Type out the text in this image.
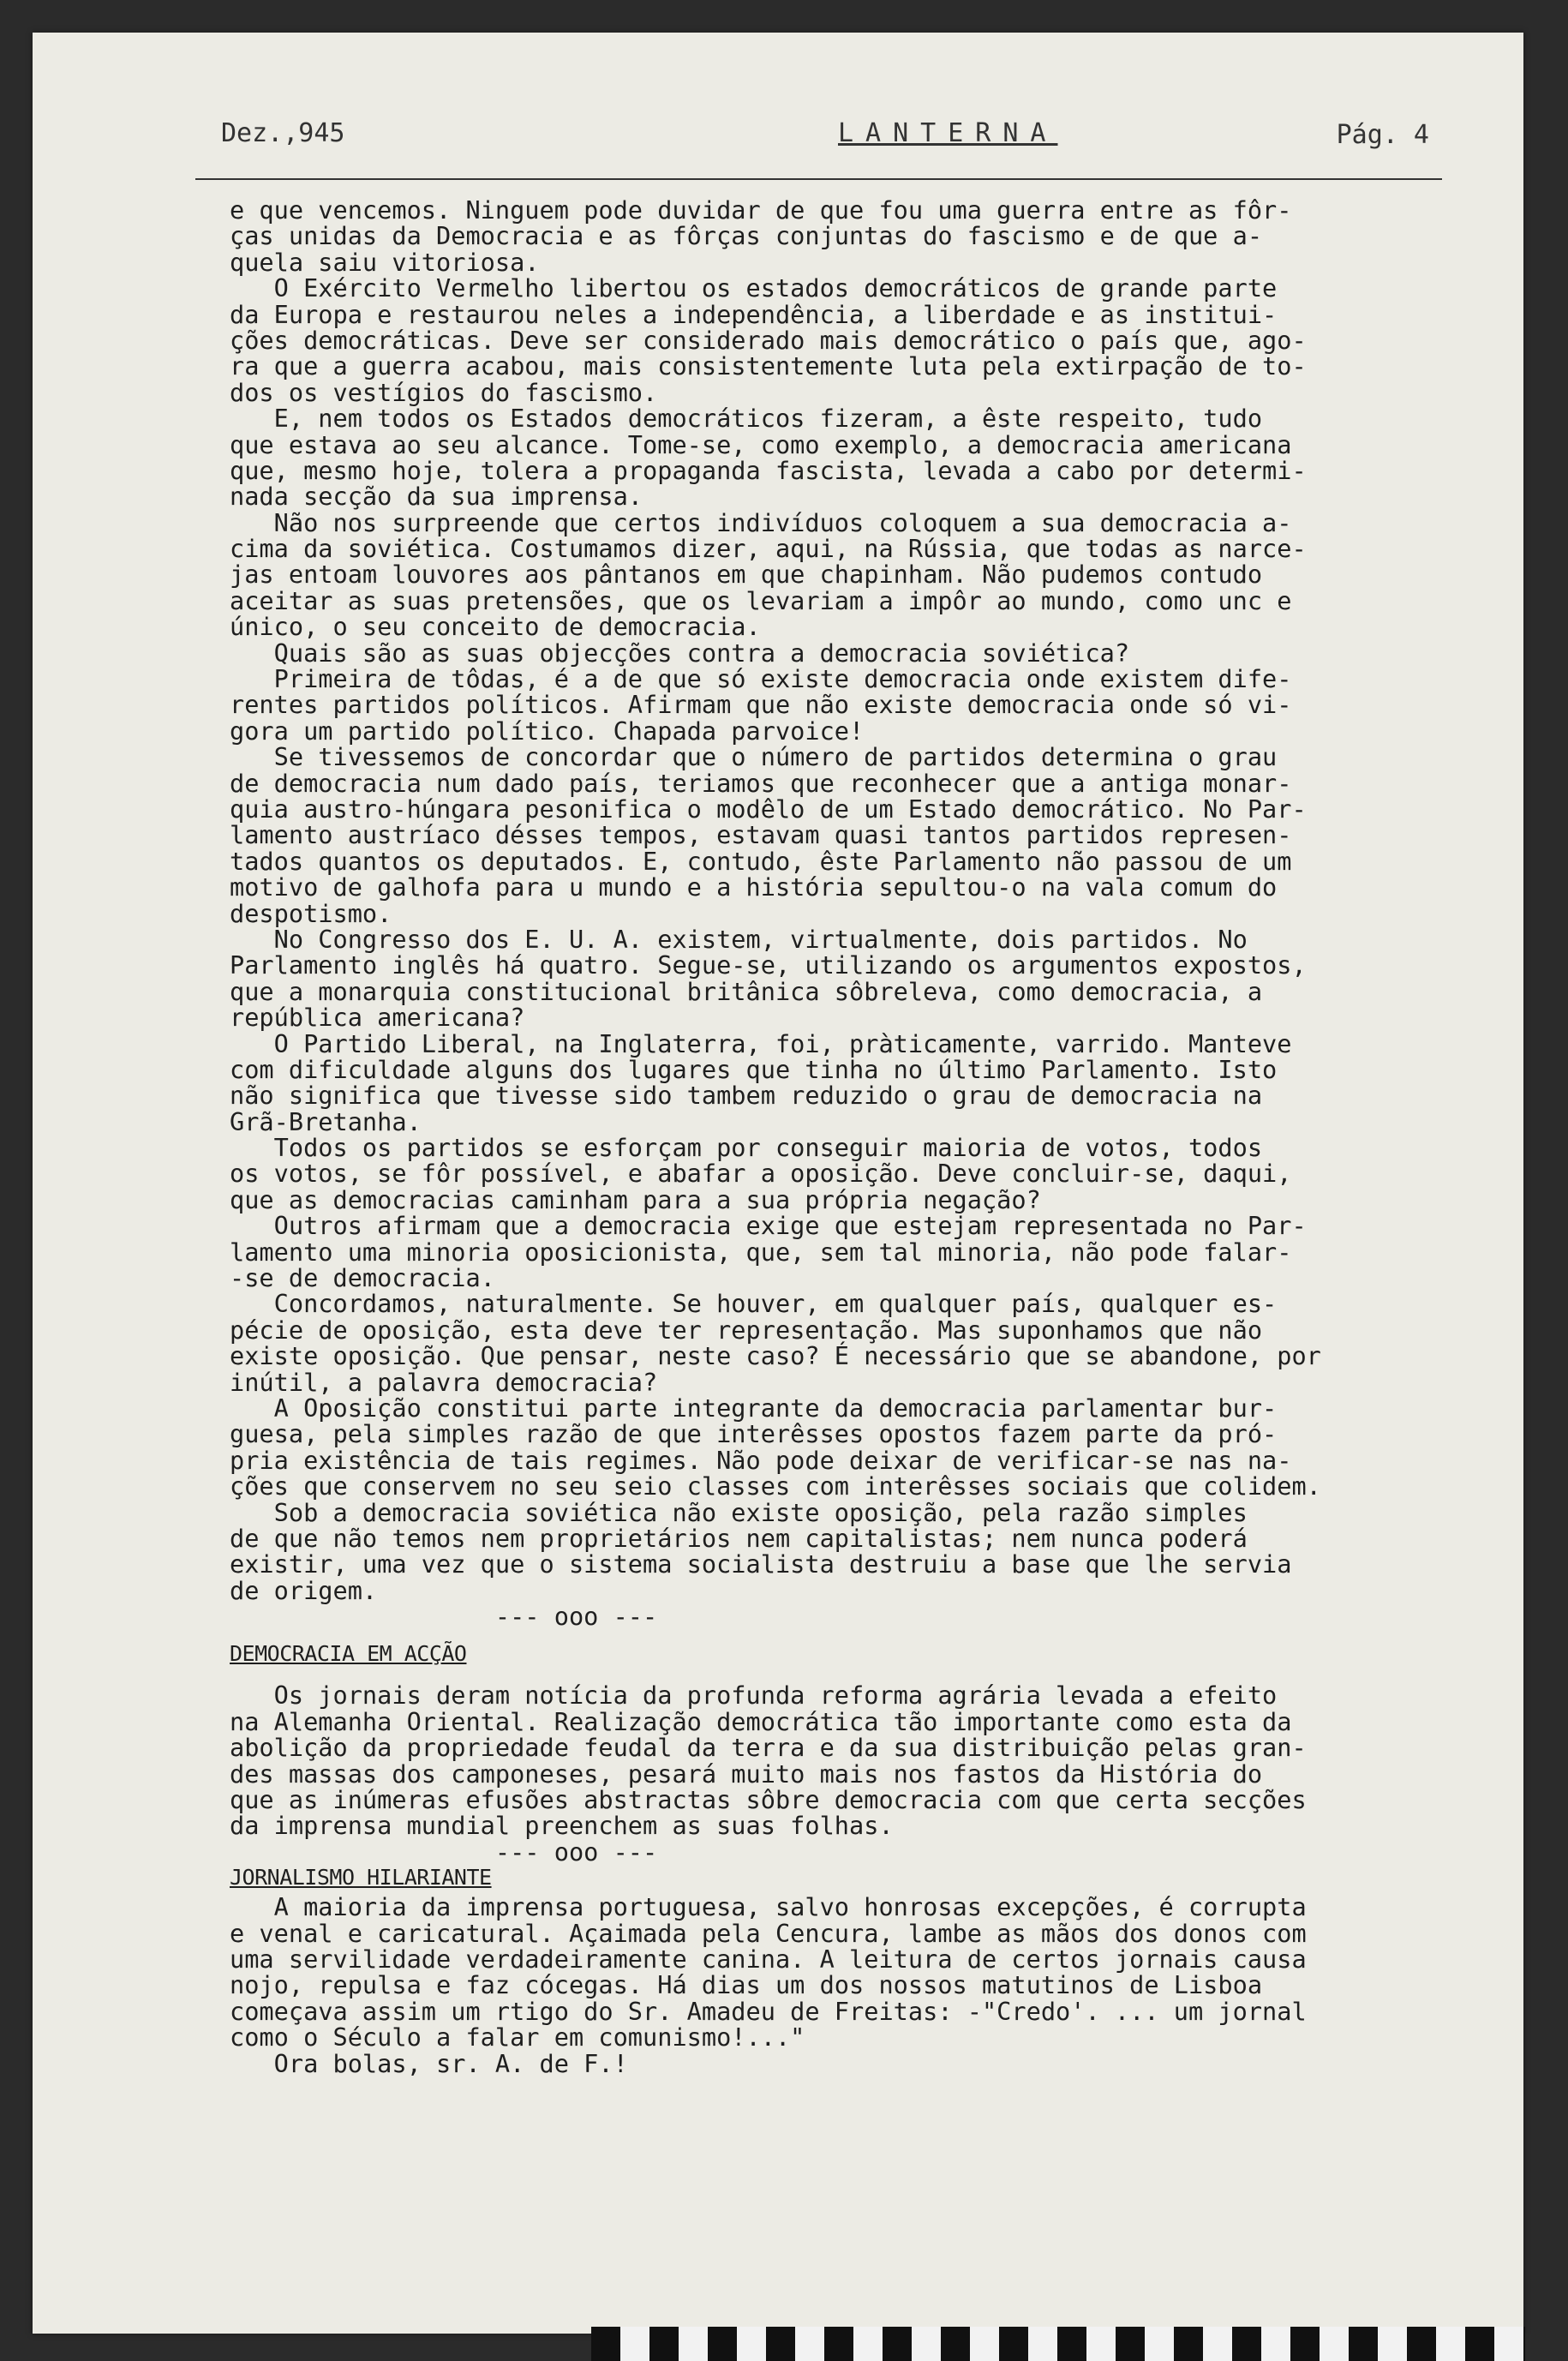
Dez.,945	LANTERNA	Pág. 4
e que vencemos. Ninguem pode duvidar de que fou uma guerra entre as fôr-
ças unidas da Democracia e as fôrças conjuntas do fascismo e de que a-
quela saiu vitoriosa.
O Exército Vermelho libertou os estados democráticos de grande parte
da Europa e restaurou neles a independência, a liberdade e as institui-
ções democráticas. Deve ser considerado mais democrático o país que, ago-
ra que a guerra acabou, mais consistentemente luta pela extirpação de to-
dos os vestígios do fascismo.
E, nem todos os Estados democráticos fizeram, a êste respeito, tudo
que estava ao seu alcance. Tome-se, como exemplo, a democracia americana
que, mesmo hoje, tolera a propaganda fascista, levada a cabo por determi-
nada secção da sua imprensa.
Não nos surpreende que certos indivíduos coloquem a sua democracia a-
cima da soviética. Costumamos dizer, aqui, na Rússia, que todas as narce-
jas entoam louvores aos pântanos em que chapinham. Não pudemos contudo
aceitar as suas pretensões, que os levariam a impôr ao mundo, como unc e
único, o seu conceito de democracia.
Quais são as suas objecções contra a democracia soviética?
Primeira de tôdas, é a de que só existe democracia onde existem dife-
rentes partidos políticos. Afirmam que não existe democracia onde só vi-
gora um partido político. Chapada parvoice!
Se tivessemos de concordar que o número de partidos determina o grau
de democracia num dado país, teriamos que reconhecer que a antiga monar-
quia austro-húngara pesonifica o modêlo de um Estado democrático. No Par-
lamento austríaco désses tempos, estavam quasi tantos partidos represen-
tados quantos os deputados. E, contudo, êste Parlamento não passou de um
motivo de galhofa para u mundo e a história sepultou-o na vala comum do
despotismo.
No Congresso dos E. U. A. existem, virtualmente, dois partidos. No
Parlamento inglês há quatro. Segue-se, utilizando os argumentos expostos,
que a monarquia constitucional britânica sôbreleva, como democracia, a
república americana?
O Partido Liberal, na Inglaterra, foi, pràticamente, varrido. Manteve
com dificuldade alguns dos lugares que tinha no último Parlamento. Isto
não significa que tivesse sido tambem reduzido o grau de democracia na
Grã-Bretanha.
Todos os partidos se esforçam por conseguir maioria de votos, todos
os votos, se fôr possível, e abafar a oposição. Deve concluir-se, daqui,
que as democracias caminham para a sua própria negação?
Outros afirmam que a democracia exige que estejam representada no Par-
lamento uma minoria oposicionista, que, sem tal minoria, não pode falar-
-se de democracia.
Concordamos, naturalmente. Se houver, em qualquer país, qualquer es-
pécie de oposição, esta deve ter representação. Mas suponhamos que não
existe oposição. Que pensar, neste caso? É necessário que se abandone, por
inútil, a palavra democracia?
A Oposição constitui parte integrante da democracia parlamentar bur-
guesa, pela simples razão de que interêsses opostos fazem parte da pró-
pria existência de tais regimes. Não pode deixar de verificar-se nas na-
ções que conservem no seu seio classes com interêsses sociais que colidem.
Sob a democracia soviética não existe oposição, pela razão simples
de que não temos nem proprietários nem capitalistas; nem nunca poderá
existir, uma vez que o sistema socialista destruiu a base que lhe servia
de origem.
--- ooo ---
DEMOCRACIA EM ACÇÃO
Os jornais deram notícia da profunda reforma agrária levada a efeito
na Alemanha Oriental. Realização democrática tão importante como esta da
abolição da propriedade feudal da terra e da sua distribuição pelas gran-
des massas dos camponeses, pesará muito mais nos fastos da História do
que as inúmeras efusões abstractas sôbre democracia com que certa secções
da imprensa mundial preenchem as suas folhas.
--- ooo ---
JORNALISMO HILARIANTE
A maioria da imprensa portuguesa, salvo honrosas excepções, é corrupta
e venal e caricatural. Açaimada pela Cencura, lambe as mãos dos donos com
uma servilidade verdadeiramente canina. A leitura de certos jornais causa
nojo, repulsa e faz cócegas. Há dias um dos nossos matutinos de Lisboa
começava assim um rtigo do Sr. Amadeu de Freitas: -"Credo'. ... um jornal
como o Século a falar em comunismo!..."
Ora bolas, sr. A. de F.!
